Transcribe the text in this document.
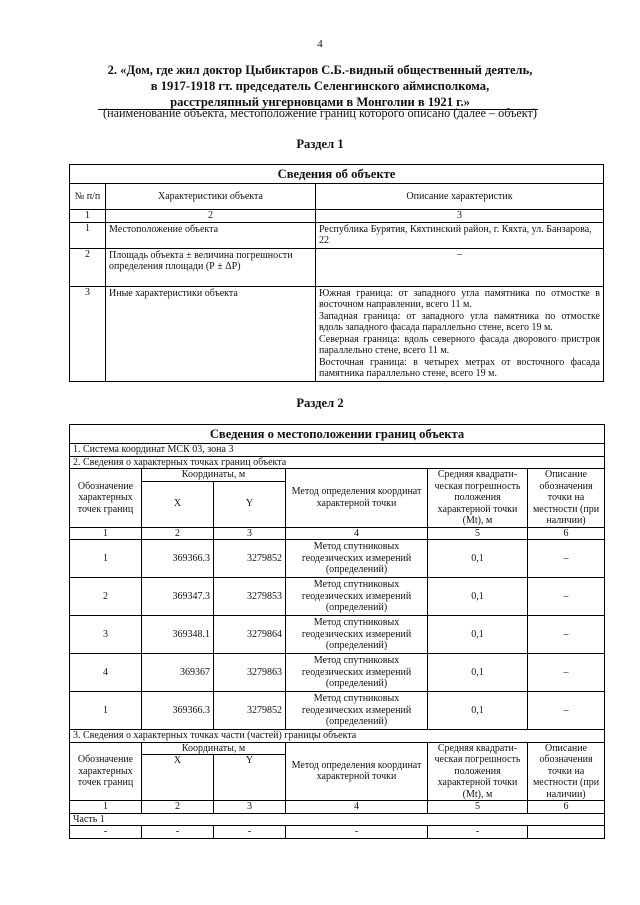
4
2. «Дом, где жил доктор Цыбиктаров С.Б.-видный общественный деятель,
в 1917-1918 гт. председатель Селенгинского аймисполкома,
расстреляпный унгерновцами в Монголии в 1921 г.»
(наименование объекта, местоположение границ которого описано (далее – объект)
Раздел 1
Сведения об объекте		
№ п/п	Характеристики объекта	Описание характеристик
1	2	3
1	Местоположение объекта	Республика Бурятия, Кяхтинский район, г. Кяхта, ул. Банзарова, 22
2	Площадь объекта ± величина погрешности определения площади (Р ± ΔР)	–
3	Иные характеристики объекта	Южная граница: от западного угла памятника по отмостке в восточном направлении, всего 11 м.
Западная граница: от западного угла памятника по отмостке вдоль западного фасада параллельно стене, всего 19 м.
Северная граница: вдоль северного фасада дворового пристроя параллельно стене, всего 11 м.
Восточная граница: в четырех метрах от восточного фасада памятника параллельно стене, всего 19 м.
Раздел 2
Сведения о местоположении границ объекта					
1. Система координат МСК 03, зона 3					
2. Сведения о характерных точках границ объекта					
Обозначение характерных точек границ	Координаты, м		Метод определения координат характерной точки	Средняя квадрати-ческая погрешность положения характерной точки (Mt), м	Описание обозначения точки на местности (при наличии)
	X	Y			
1	2	3	4	5	6
1	369366.3	3279852	Метод спутниковых геодезических измерений (определений)	0,1	–
2	369347.3	3279853	Метод спутниковых геодезических измерений (определений)	0,1	–
3	369348.1	3279864	Метод спутниковых геодезических измерений (определений)	0,1	–
4	369367	3279863	Метод спутниковых геодезических измерений (определений)	0,1	–
1	369366.3	3279852	Метод спутниковых геодезических измерений (определений)	0,1	–
3. Сведения о характерных точках части (частей) границы объекта					
Обозначение характерных точек границ	Координаты, м		Метод определения координат характерной точки	Средняя квадрати-ческая погрешность положения характерной точки (Mt), м	Описание обозначения точки на местности (при наличии)
	X	Y			
1	2	3	4	5	6
Часть 1					
-	-	-	-	-	
